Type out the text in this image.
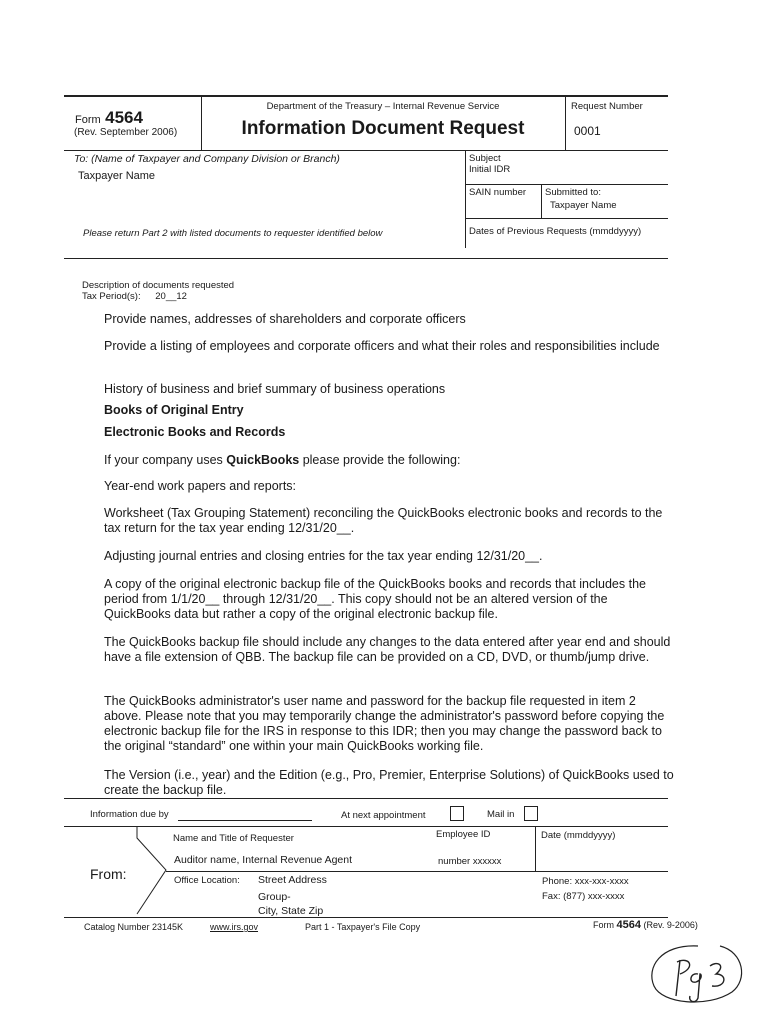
Form 4564
(Rev. September 2006)
Department of the Treasury – Internal Revenue Service
Information Document Request
Request Number
0001
To: (Name of Taxpayer and Company Division or Branch)
Taxpayer Name
Please return Part 2 with listed documents to requester identified below
Subject
Initial IDR
SAIN number Submitted to:
Taxpayer Name
Dates of Previous Requests (mmddyyyy)
Description of documents requested
Tax Period(s): 20__12

Provide names, addresses of shareholders and corporate officers

Provide a listing of employees and corporate officers and what their roles and responsibilities include

History of business and brief summary of business operations

Books of Original Entry

Electronic Books and Records

If your company uses QuickBooks please provide the following:

Year-end work papers and reports:

Worksheet (Tax Grouping Statement) reconciling the QuickBooks electronic books and records to the tax return for the tax year ending 12/31/20__.

Adjusting journal entries and closing entries for the tax year ending 12/31/20__.

A copy of the original electronic backup file of the QuickBooks books and records that includes the period from 1/1/20__ through 12/31/20__. This copy should not be an altered version of the QuickBooks data but rather a copy of the original electronic backup file.

The QuickBooks backup file should include any changes to the data entered after year end and should have a file extension of QBB. The backup file can be provided on a CD, DVD, or thumb/jump drive.

The QuickBooks administrator's user name and password for the backup file requested in item 2 above. Please note that you may temporarily change the administrator's password before copying the electronic backup file for the IRS in response to this IDR; then you may change the password back to the original “standard” one within your main QuickBooks working file.

The Version (i.e., year) and the Edition (e.g., Pro, Premier, Enterprise Solutions) of QuickBooks used to create the backup file.

Information due by	At next appointment	Mail in
From:
Name and Title of Requester
Auditor name, Internal Revenue Agent
Employee ID
number xxxxxx
Date (mmddyyyy)
Office Location: Street Address
Group-
City, State Zip
Phone: xxx-xxx-xxxx
Fax: (877) xxx-xxxx
Catalog Number 23145K	www.irs.gov	Part 1 - Taxpayer's File Copy	Form 4564 (Rev. 9-2006)
